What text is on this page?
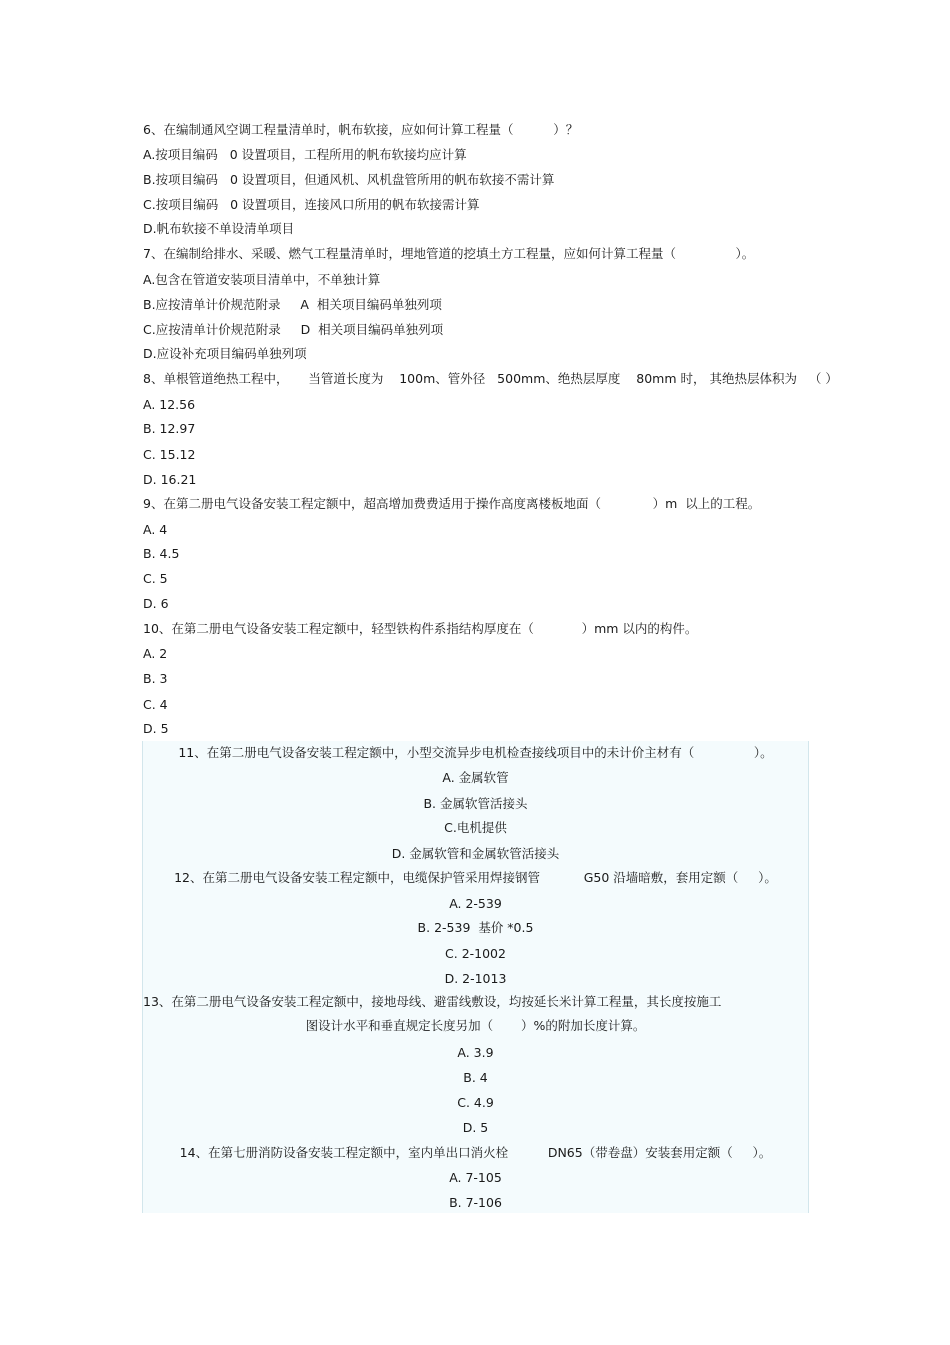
6、在编制通风空调工程量清单时，帆布软接，应如何计算工程量（          ）？
A.按项目编码   0 设置项目，工程所用的帆布软接均应计算
B.按项目编码   0 设置项目，但通风机、风机盘管所用的帆布软接不需计算
C.按项目编码   0 设置项目，连接风口所用的帆布软接需计算
D.帆布软接不单设清单项目
7、在编制给排水、采暖、燃气工程量清单时，埋地管道的挖填土方工程量，应如何计算工程量（               ）。
A.包含在管道安装项目清单中，不单独计算
B.应按清单计价规范附录     A  相关项目编码单独列项
C.应按清单计价规范附录     D  相关项目编码单独列项
D.应设补充项目编码单独列项
8、单根管道绝热工程中，     当管道长度为    100m、管外径   500mm、绝热层厚度    80mm 时， 其绝热层体积为   （ ）
A. 12.56
B. 12.97
C. 15.12
D. 16.21
9、在第二册电气设备安装工程定额中，超高增加费费适用于操作高度离楼板地面（             ）m  以上的工程。
A. 4
B. 4.5
C. 5
D. 6
10、在第二册电气设备安装工程定额中，轻型铁构件系指结构厚度在（            ）mm 以内的构件。
A. 2
B. 3
C. 4
D. 5
11、在第二册电气设备安装工程定额中，小型交流异步电机检查接线项目中的未计价主材有（               ）。
A. 金属软管
B. 金属软管活接头
C.电机提供
D. 金属软管和金属软管活接头
12、在第二册电气设备安装工程定额中，电缆保护管采用焊接钢管           G50 沿墙暗敷，套用定额（     ）。
A. 2-539
B. 2-539  基价 *0.5
C. 2-1002
D. 2-1013
13、在第二册电气设备安装工程定额中，接地母线、避雷线敷设，均按延长米计算工程量，其长度按施工
图设计水平和垂直规定长度另加（       ）%的附加长度计算。
A. 3.9
B. 4
C. 4.9
D. 5
14、在第七册消防设备安装工程定额中，室内单出口消火栓          DN65（带卷盘）安装套用定额（     ）。
A. 7-105
B. 7-106
